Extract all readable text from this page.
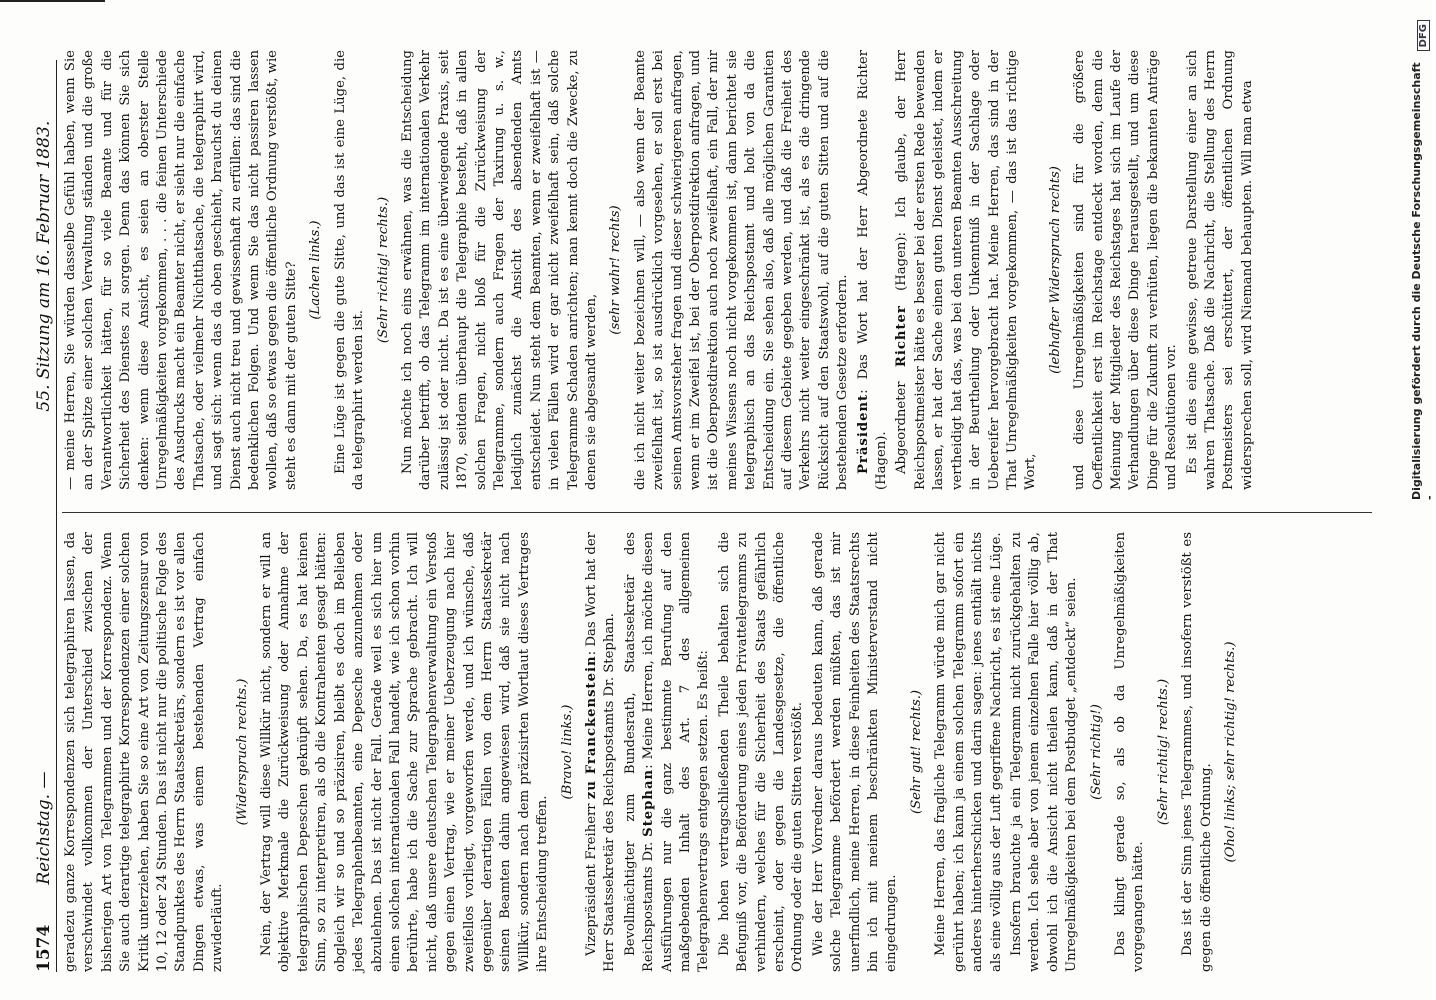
1574
Reichstag. —
55. Sitzung am 16. Februar 1883.

geradezu ganze Korrespondenzen sich telegraphiren lassen, da verschwindet vollkommen der Unterschied zwischen der bisherigen Art von Telegrammen und der Korrespondenz. Wenn Sie auch derartige telegraphirte Korrespondenzen einer solchen Kritik unterziehen, haben Sie so eine Art von Zeitungszensur von 10, 12 oder 24 Stunden. Das ist nicht nur die politische Folge des Standpunktes des Herrn Staatssekretärs, sondern es ist vor allen Dingen etwas, was einem bestehenden Vertrag einfach zuwiderläuft.

(Widerspruch rechts.) Nein, der Vertrag will diese Willkür nicht, sondern er will an objektive Merkmale die Zurückweisung oder Annahme der telegraphischen Depeschen geknüpft sehen. Da, es hat keinen Sinn, so zu interpretiren, als ob die Kontrahenten gesagt hätten: obgleich wir so und so präzisiren, bleibt es doch im Belieben jedes Telegraphenbeamten, eine Depesche anzunehmen oder abzulehnen. Das ist nicht der Fall. Gerade weil es sich hier um einen solchen internationalen Fall handelt, wie ich schon vorhin berührte, habe ich die Sache zur Sprache gebracht. Ich will nicht, daß unsere deutschen Telegraphenverwaltung ein Verstoß gegen einen Vertrag, wie er meiner Ueberzeugung nach hier zweifellos vorliegt, vorgeworfen werde, und ich wünsche, daß gegenüber derartigen Fällen von dem Herrn Staatssekretär seinen Beamten dahin angewiesen wird, daß sie nicht nach Willkür, sondern nach dem präzisirten Wortlaut dieses Vertrages ihre Entscheidung treffen.

(Bravo! links.)

Vizepräsident Freiherr zu Franckenstein: Das Wort hat der Herr Staatssekretär des Reichspostamts Dr. Stephan. Bevollmächtigter zum Bundesrath, Staatssekretär des Reichspostamts Dr. Stephan: Meine Herren, ich möchte diesen Ausführungen nur die ganz bestimmte Berufung auf den maßgebenden Inhalt des Art. 7 des allgemeinen Telegraphenvertrags entgegen setzen. Es heißt: Die hohen vertragschließenden Theile behalten sich die Befugniß vor, die Beförderung eines jeden Privattelegramms zu verhindern, welches für die Sicherheit des Staats gefährlich erscheint, oder gegen die Landesgesetze, die öffentliche Ordnung oder die guten Sitten verstößt. Wie der Herr Vorredner daraus bedeuten kann, daß gerade solche Telegramme befördert werden müßten, das ist mir unerfindlich, meine Herren, in diese Feinheiten des Staatsrechts bin ich mit meinem beschränkten Ministerverstand nicht eingedrungen.

(Sehr gut! rechts.) Meine Herren, das fragliche Telegramm würde mich gar nicht gerührt haben; ich kann ja einem solchen Telegramm sofort ein anderes hinterherschicken und darin sagen: jenes enthält nichts als eine völlig aus der Luft gegriffene Nachricht, es ist eine Lüge. Insofern brauchte ja ein Telegramm nicht zurückgehalten zu werden. Ich sehe aber von jenem einzelnen Falle hier völlig ab, obwohl ich die Ansicht nicht theilen kann, daß in der That Unregelmäßigkeiten bei dem Postbudget „entdeckt“ seien. (Sehr richtig!) Das klingt gerade so, als ob da Unregelmäßigkeiten vorgegangen hätte.

(Sehr richtig! rechts.) Das ist der Sinn jenes Telegrammes, und insofern verstößt es gegen die öffentliche Ordnung.

(Oho! links; sehr richtig! rechts.)

— meine Herren, Sie würden dasselbe Gefühl haben, wenn Sie an der Spitze einer solchen Verwaltung ständen und die große Verantwortlichkeit hätten, für so viele Beamte und für die Sicherheit des Dienstes zu sorgen. Denn das können Sie sich denken: wenn diese Ansicht, es seien an oberster Stelle Unregelmäßigkeiten vorgekommen, . . . die feinen Unterschiede des Ausdrucks macht ein Beamter nicht, er sieht nur die einfache Thatsache, oder vielmehr Nichtthatsache, die telegraphirt wird, und sagt sich: wenn das da oben geschieht, brauchst du deinen Dienst auch nicht treu und gewissenhaft zu erfüllen: das sind die bedenklichen Folgen. Und wenn Sie das nicht passiren lassen wollen, daß so etwas gegen die öffentliche Ordnung verstößt, wie steht es dann mit der guten Sitte? (Lachen links.) Eine Lüge ist gegen die gute Sitte, und das ist eine Lüge, die da telegraphirt werden ist.

(Sehr richtig! rechts.) Nun möchte ich noch eins erwähnen, was die Entscheidung darüber betrifft, ob das Telegramm im internationalen Verkehr zulässig ist oder nicht. Da ist es eine überwiegende Praxis, seit 1870, seitdem überhaupt die Telegraphie besteht, daß in allen solchen Fragen, nicht bloß für die Zurückweisung der Telegramme, sondern auch Fragen der Taxirung u. s. w., lediglich zunächst die Ansicht des absendenden Amts entscheidet. Nun steht dem Beamten, wenn er zweifelhaft ist — in vielen Fällen wird er gar nicht zweifelhaft sein, daß solche Telegramme Schaden anrichten; man kennt doch die Zwecke, zu denen sie abgesandt werden,

(sehr wahr! rechts) die ich nicht weiter bezeichnen will, — also wenn der Beamte zweifelhaft ist, so ist ausdrücklich vorgesehen, er soll erst bei seinen Amtsvorsteher fragen und dieser schwierigeren anfragen, wenn er im Zweifel ist, bei der Oberpostdirektion anfragen, und ist die Oberpostdirektion auch noch zweifelhaft, ein Fall, der mir meines Wissens noch nicht vorgekommen ist, dann berichtet sie telegraphisch an das Reichspostamt und holt von da die Entscheidung ein. Sie sehen also, daß alle möglichen Garantien auf diesem Gebiete gegeben werden, und daß die Freiheit des Verkehrs nicht weiter eingeschränkt ist, als es die dringende Rücksicht auf den Staatswohl, auf die guten Sitten und auf die bestehenden Gesetze erfordern. Präsident: Das Wort hat der Herr Abgeordnete Richter (Hagen). Abgeordneter Richter (Hagen): Ich glaube, der Herr Reichspostmeister hätte es besser bei der ersten Rede bewenden lassen, er hat der Sache einen guten Dienst geleistet, indem er vertheidigt hat das, was bei den unteren Beamten Ausschreitung in der Beurtheilung oder Unkenntniß in der Sachlage oder Uebereifer hervorgebracht hat. Meine Herren, das sind in der That Unregelmäßigkeiten vorgekommen, — das ist das richtige Wort,

(lebhafter Widerspruch rechts) und diese Unregelmäßigkeiten sind für die größere Oeffentlichkeit erst im Reichstage entdeckt worden, denn die Meinung der Mitglieder des Reichstages hat sich im Laufe der Verhandlungen über diese Dinge herausgestellt, und um diese Dinge für die Zukunft zu verhüten, liegen die bekannten Anträge und Resolutionen vor. Es ist dies eine gewisse, getreue Darstellung einer an sich wahren Thatsache. Daß die Nachricht, die Stellung des Herrn Postmeisters sei erschüttert, der öffentlichen Ordnung widersprechen soll, wird Niemand behaupten. Will man etwa	Digitalisierung gefördert durch die Deutsche Forschungsgemeinschaft -
DFG
